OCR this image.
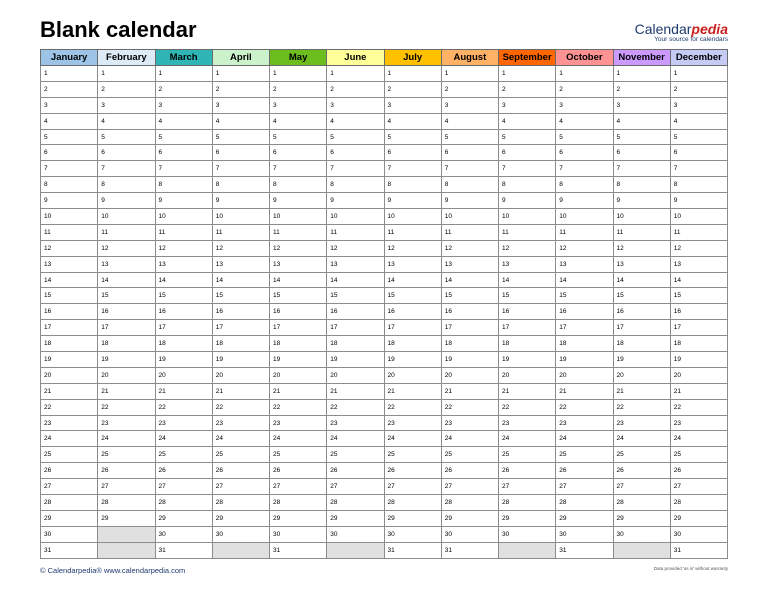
Blank calendar	Calendarpedia
Your source for calendars
January	February	March	April	May	June	July	August	September	October	November	December
1	1	1	1	1	1	1	1	1	1	1	1
2	2	2	2	2	2	2	2	2	2	2	2
3	3	3	3	3	3	3	3	3	3	3	3
4	4	4	4	4	4	4	4	4	4	4	4
5	5	5	5	5	5	5	5	5	5	5	5
6	6	6	6	6	6	6	6	6	6	6	6
7	7	7	7	7	7	7	7	7	7	7	7
8	8	8	8	8	8	8	8	8	8	8	8
9	9	9	9	9	9	9	9	9	9	9	9
10	10	10	10	10	10	10	10	10	10	10	10
11	11	11	11	11	11	11	11	11	11	11	11
12	12	12	12	12	12	12	12	12	12	12	12
13	13	13	13	13	13	13	13	13	13	13	13
14	14	14	14	14	14	14	14	14	14	14	14
15	15	15	15	15	15	15	15	15	15	15	15
16	16	16	16	16	16	16	16	16	16	16	16
17	17	17	17	17	17	17	17	17	17	17	17
18	18	18	18	18	18	18	18	18	18	18	18
19	19	19	19	19	19	19	19	19	19	19	19
20	20	20	20	20	20	20	20	20	20	20	20
21	21	21	21	21	21	21	21	21	21	21	21
22	22	22	22	22	22	22	22	22	22	22	22
23	23	23	23	23	23	23	23	23	23	23	23
24	24	24	24	24	24	24	24	24	24	24	24
25	25	25	25	25	25	25	25	25	25	25	25
26	26	26	26	26	26	26	26	26	26	26	26
27	27	27	27	27	27	27	27	27	27	27	27
28	28	28	28	28	28	28	28	28	28	28	28
29	29	29	29	29	29	29	29	29	29	29	29
30		30	30	30	30	30	30	30	30	30	30
31		31		31		31	31		31		31
© Calendarpedia® www.calendarpedia.com	Data provided 'as is' without warranty
